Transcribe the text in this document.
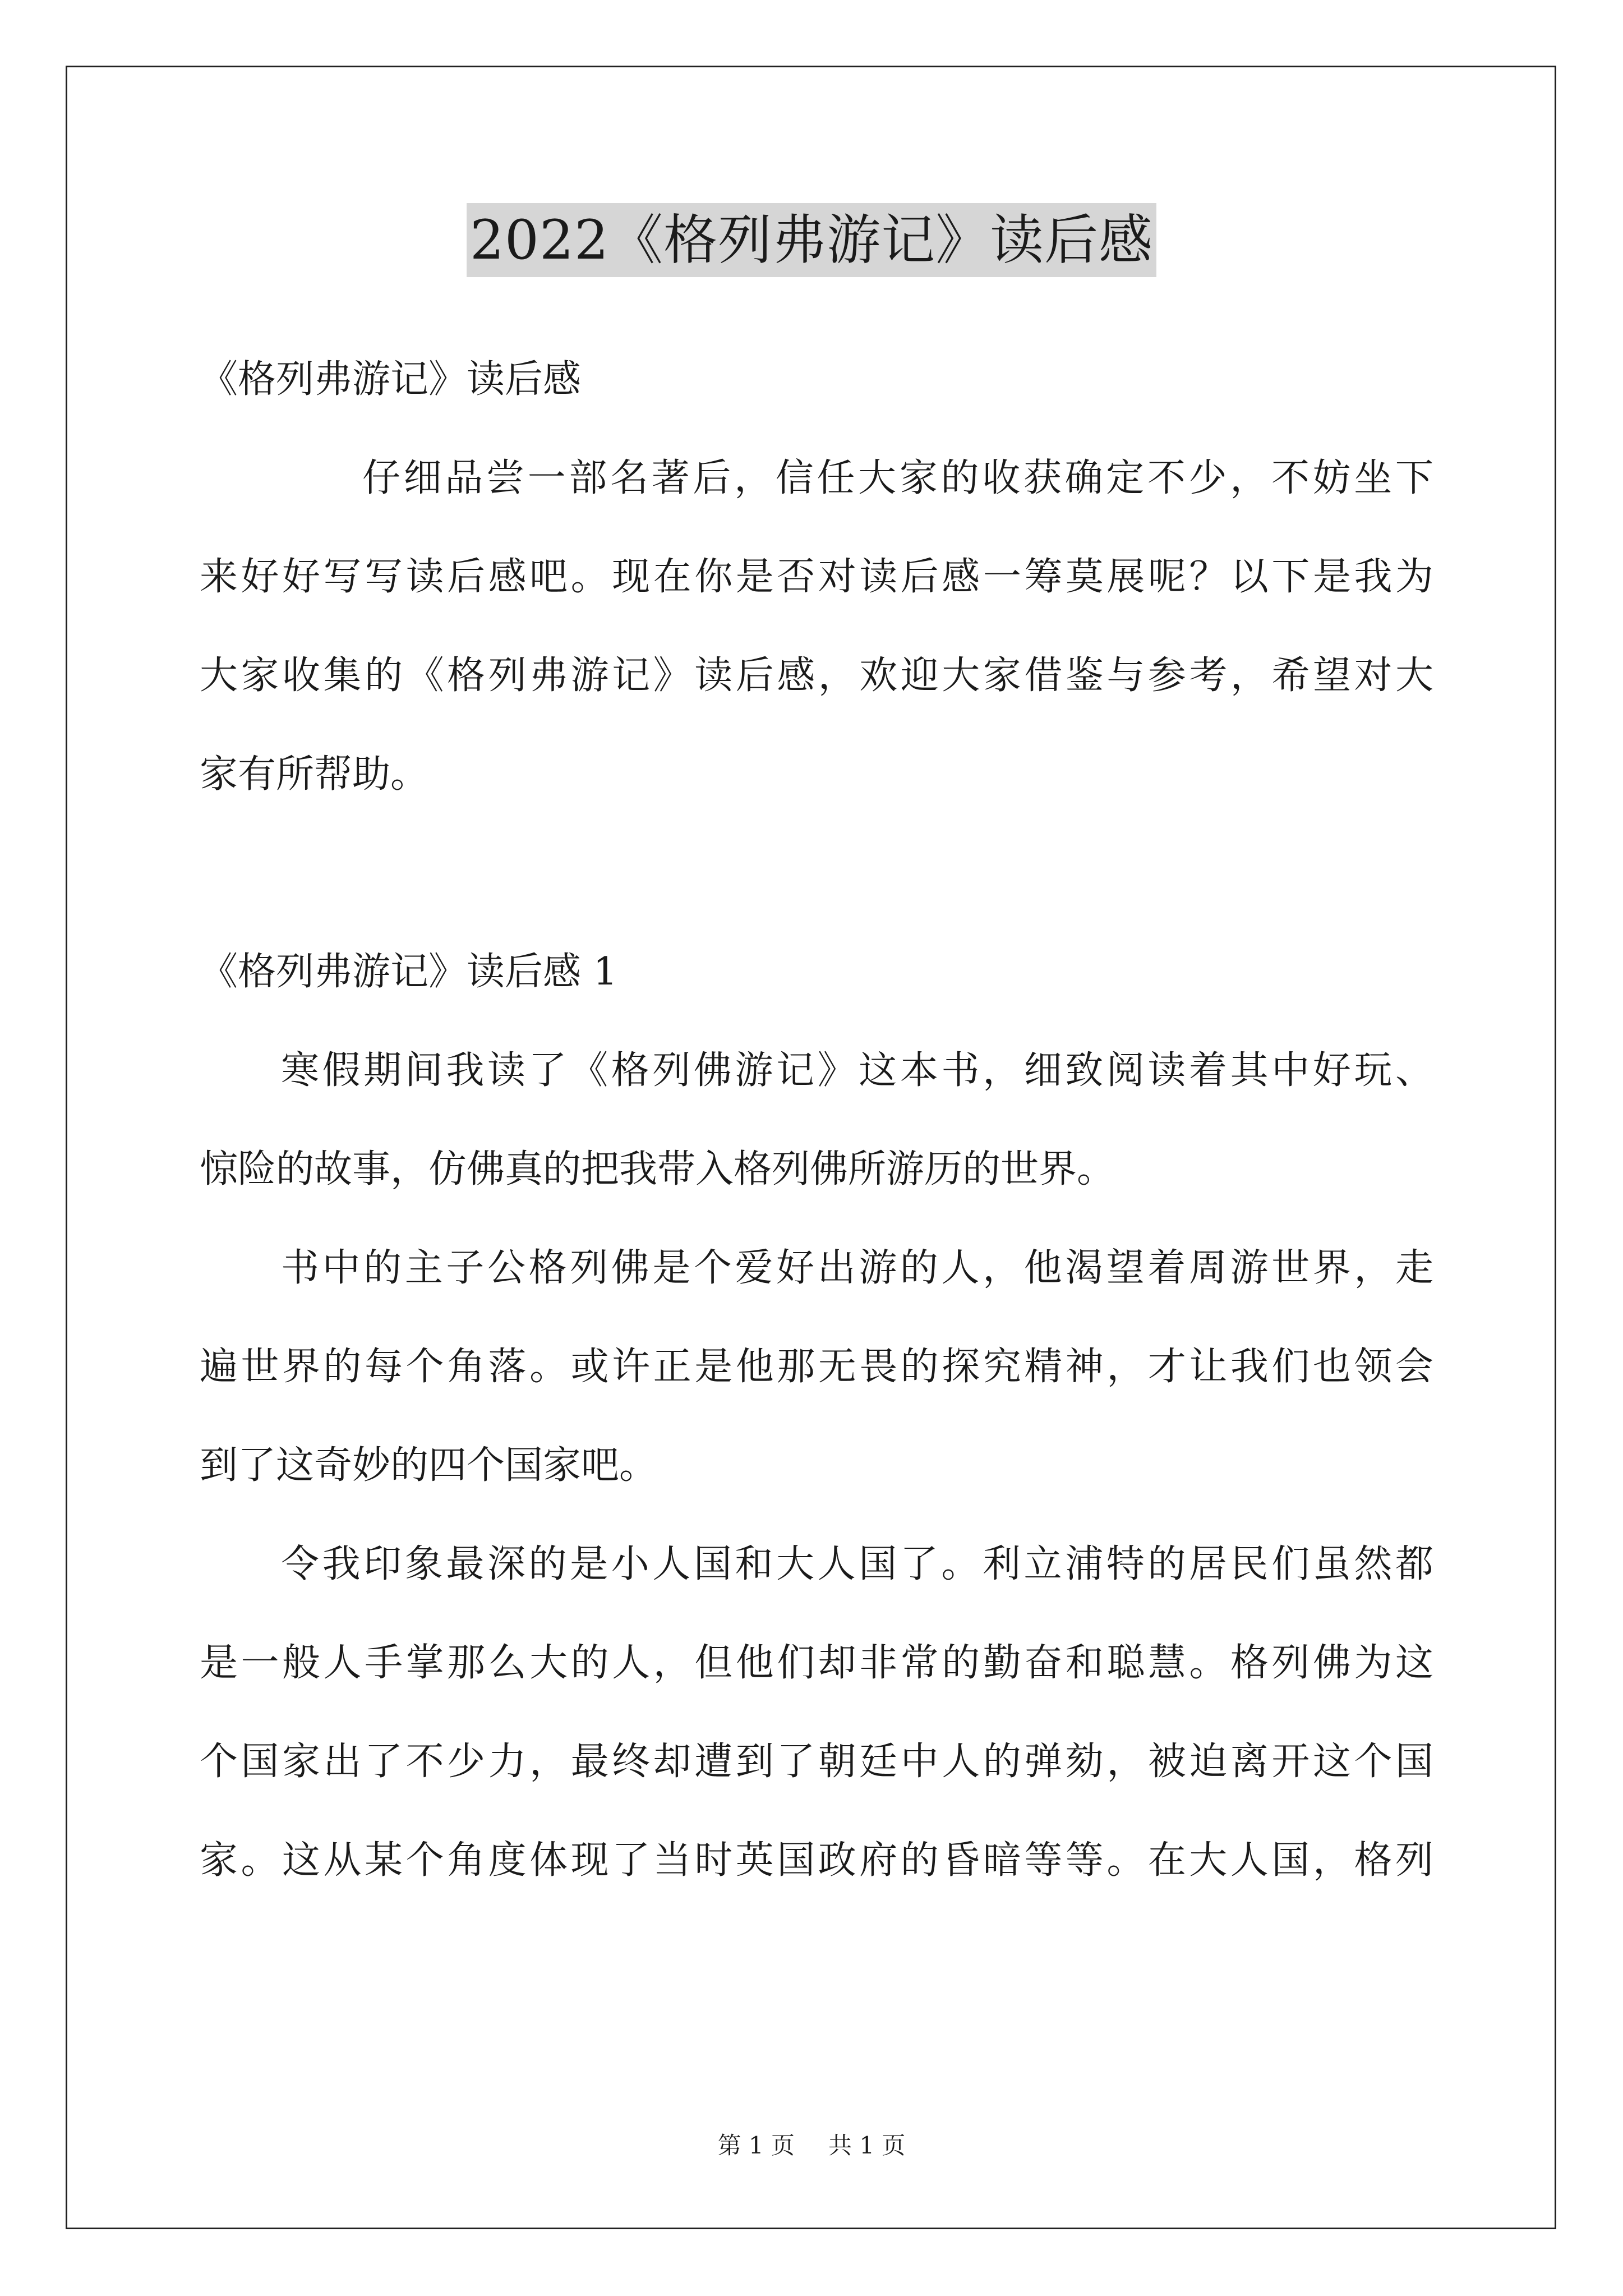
2022《格列弗游记》读后感
《格列弗游记》读后感
仔细品尝一部名著后，信任大家的收获确定不少，不妨坐下
来好好写写读后感吧。现在你是否对读后感一筹莫展呢？以下是我为
大家收集的《格列弗游记》读后感，欢迎大家借鉴与参考，希望对大
家有所帮助。
《格列弗游记》读后感 1
寒假期间我读了《格列佛游记》这本书，细致阅读着其中好玩、
惊险的故事，仿佛真的把我带入格列佛所游历的世界。
书中的主子公格列佛是个爱好出游的人，他渴望着周游世界，走
遍世界的每个角落。或许正是他那无畏的探究精神，才让我们也领会
到了这奇妙的四个国家吧。
令我印象最深的是小人国和大人国了。利立浦特的居民们虽然都
是一般人手掌那么大的人，但他们却非常的勤奋和聪慧。格列佛为这
个国家出了不少力，最终却遭到了朝廷中人的弹劾，被迫离开这个国
家。这从某个角度体现了当时英国政府的昏暗等等。在大人国，格列
第 1 页 共 1 页
